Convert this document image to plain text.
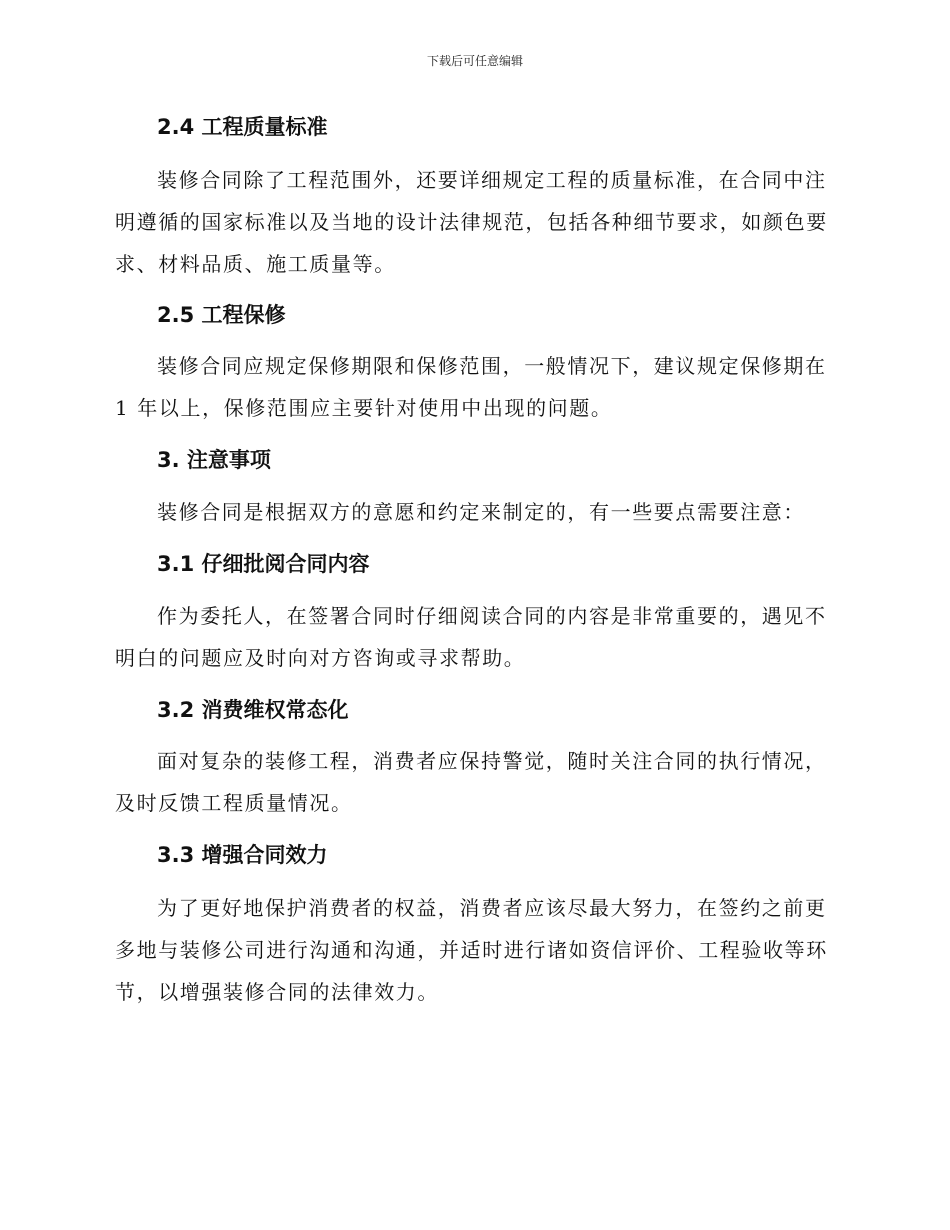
下载后可任意编辑
2.4 工程质量标准

装修合同除了工程范围外，还要详细规定工程的质量标准，在合同中注
明遵循的国家标准以及当地的设计法律规范，包括各种细节要求，如颜色要
求、材料品质、施工质量等。

2.5 工程保修

装修合同应规定保修期限和保修范围，一般情况下，建议规定保修期在
1 年以上，保修范围应主要针对使用中出现的问题。

3. 注意事项

装修合同是根据双方的意愿和约定来制定的，有一些要点需要注意：

3.1 仔细批阅合同内容

作为委托人，在签署合同时仔细阅读合同的内容是非常重要的，遇见不
明白的问题应及时向对方咨询或寻求帮助。

3.2 消费维权常态化

面对复杂的装修工程，消费者应保持警觉，随时关注合同的执行情况，
及时反馈工程质量情况。

3.3 增强合同效力

为了更好地保护消费者的权益，消费者应该尽最大努力，在签约之前更
多地与装修公司进行沟通和沟通，并适时进行诸如资信评价、工程验收等环
节，以增强装修合同的法律效力。
